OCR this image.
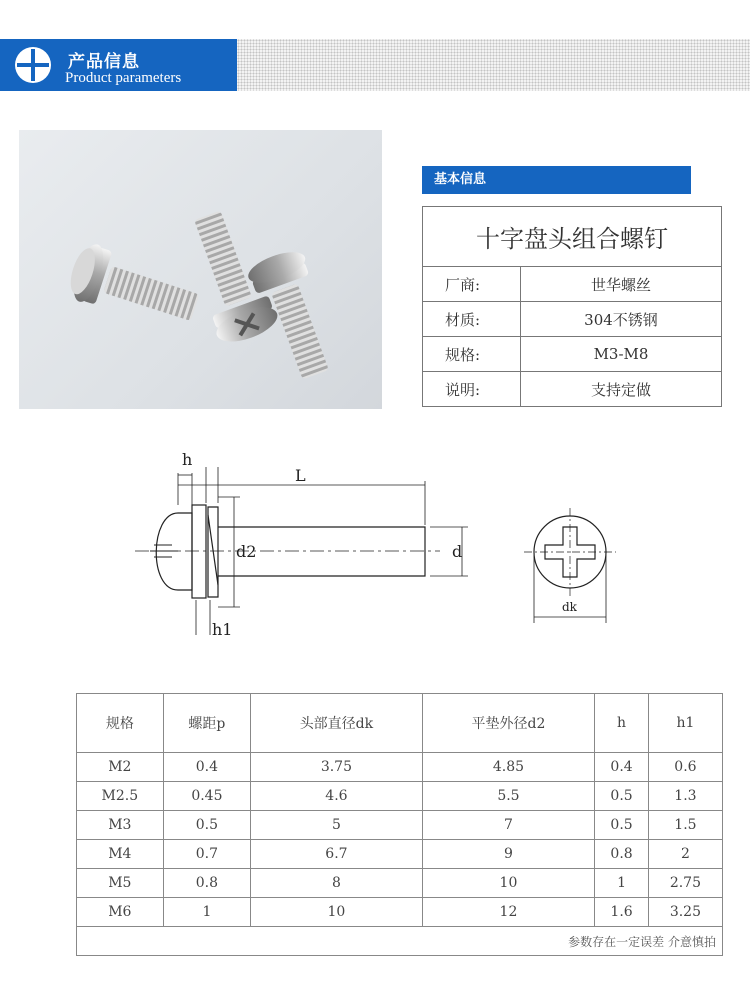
产品信息
Product parameters
基本信息
十字盘头组合螺钉	
厂商:	世华螺丝
材质:	304不锈钢
规格:	M3-M8
说明:	支持定做
h
L
d2	d
h1
dk
规格	螺距p	头部直径dk	平垫外径d2	h	h1
M2	0.4	3.75	4.85	0.4	0.6
M2.5	0.45	4.6	5.5	0.5	1.3
M3	0.5	5	7	0.5	1.5
M4	0.7	6.7	9	0.8	2
M5	0.8	8	10	1	2.75
M6	1	10	12	1.6	3.25
参数存在一定误差 介意慎拍					
